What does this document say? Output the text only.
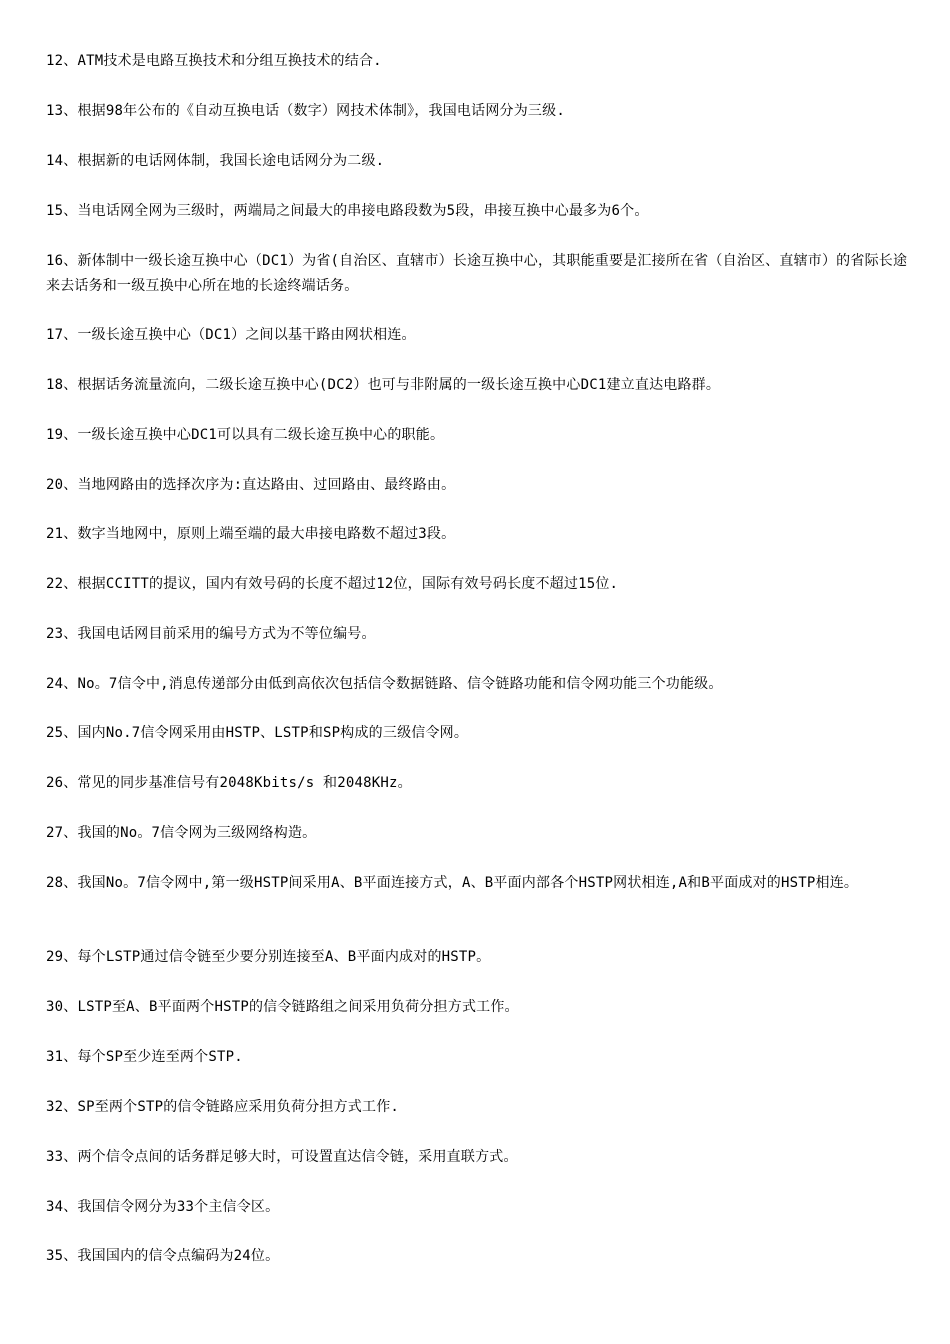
12、ATM技术是电路互换技术和分组互换技术的结合.
13、根据98年公布的《自动互换电话（数字）网技术体制》，我国电话网分为三级.
14、根据新的电话网体制，我国长途电话网分为二级.
15、当电话网全网为三级时，两端局之间最大的串接电路段数为5段，串接互换中心最多为6个。
16、新体制中一级长途互换中心（DC1）为省(自治区、直辖市）长途互换中心，其职能重要是汇接所在省（自治区、直辖市）的省际长途来去话务和一级互换中心所在地的长途终端话务。
17、一级长途互换中心（DC1）之间以基干路由网状相连。
18、根据话务流量流向，二级长途互换中心(DC2）也可与非附属的一级长途互换中心DC1建立直达电路群。
19、一级长途互换中心DC1可以具有二级长途互换中心的职能。
20、当地网路由的选择次序为:直达路由、过回路由、最终路由。
21、数字当地网中，原则上端至端的最大串接电路数不超过3段。
22、根据CCITT的提议，国内有效号码的长度不超过12位，国际有效号码长度不超过15位.
23、我国电话网目前采用的编号方式为不等位编号。
24、No。7信令中,消息传递部分由低到高依次包括信令数据链路、信令链路功能和信令网功能三个功能级。
25、国内No.7信令网采用由HSTP、LSTP和SP构成的三级信令网。
26、常见的同步基准信号有2048Kbits/s 和2048KHz。
27、我国的No。7信令网为三级网络构造。
28、我国No。7信令网中,第一级HSTP间采用A、B平面连接方式，A、B平面内部各个HSTP网状相连,A和B平面成对的HSTP相连。
29、每个LSTP通过信令链至少要分别连接至A、B平面内成对的HSTP。
30、LSTP至A、B平面两个HSTP的信令链路组之间采用负荷分担方式工作。
31、每个SP至少连至两个STP.
32、SP至两个STP的信令链路应采用负荷分担方式工作.
33、两个信令点间的话务群足够大时，可设置直达信令链，采用直联方式。
34、我国信令网分为33个主信令区。
35、我国国内的信令点编码为24位。
